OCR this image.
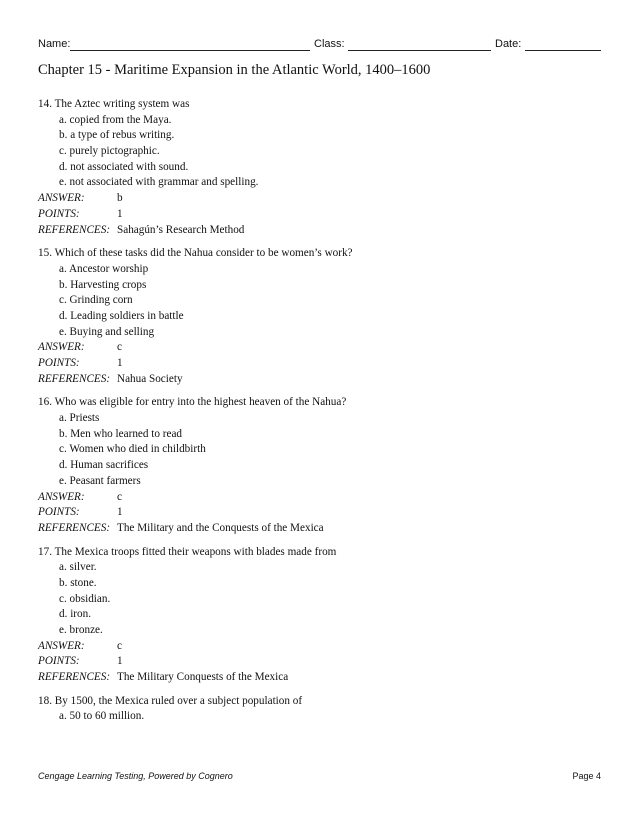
Name:	Class:	Date:
Chapter 15 - Maritime Expansion in the Atlantic World, 1400–1600
14. The Aztec writing system was
a. copied from the Maya.
b. a type of rebus writing.
c. purely pictographic.
d. not associated with sound.
e. not associated with grammar and spelling.
ANSWER:	b
POINTS:	1
REFERENCES: Sahagún’s Research Method
15. Which of these tasks did the Nahua consider to be women’s work?
a. Ancestor worship
b. Harvesting crops
c. Grinding corn
d. Leading soldiers in battle
e. Buying and selling
ANSWER:	c
POINTS:	1
REFERENCES: Nahua Society
16. Who was eligible for entry into the highest heaven of the Nahua?
a. Priests
b. Men who learned to read
c. Women who died in childbirth
d. Human sacrifices
e. Peasant farmers
ANSWER:	c
POINTS:	1
REFERENCES: The Military and the Conquests of the Mexica
17. The Mexica troops fitted their weapons with blades made from
a. silver.
b. stone.
c. obsidian.
d. iron.
e. bronze.
ANSWER:	c
POINTS:	1
REFERENCES: The Military Conquests of the Mexica
18. By 1500, the Mexica ruled over a subject population of
a. 50 to 60 million.
Cengage Learning Testing, Powered by Cognero	Page 4
